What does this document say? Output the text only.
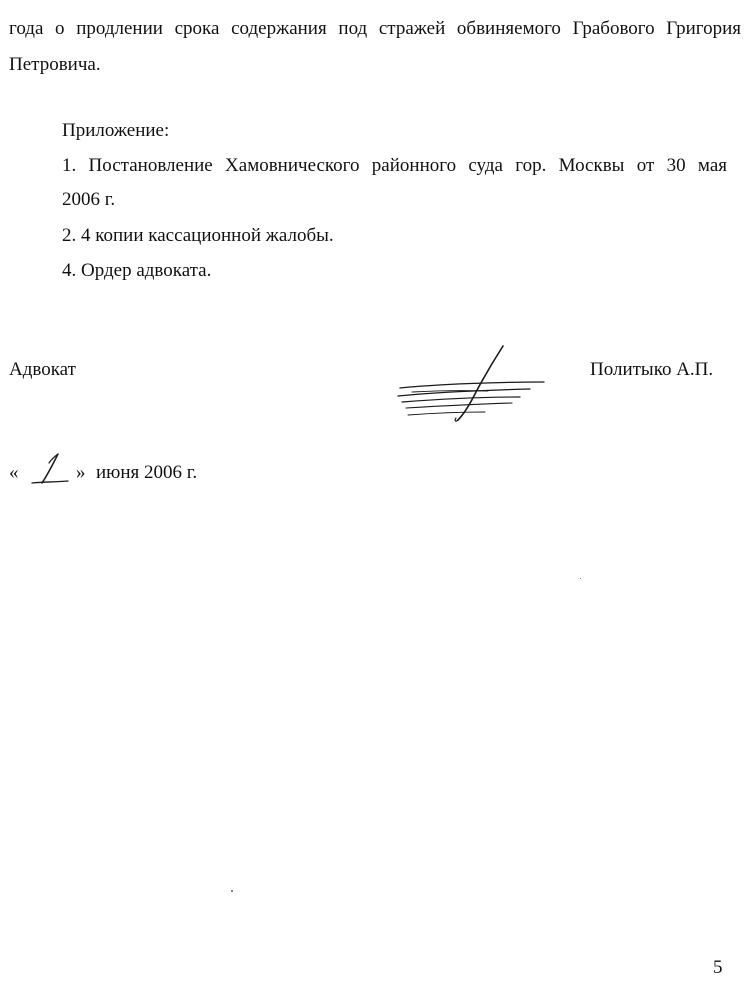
года о продлении срока содержания под стражей обвиняемого Грабового Григория
Петровича.
Приложение:
1. Постановление Хамовнического районного суда гор. Москвы от 30 мая
2006 г.
2. 4 копии кассационной жалобы.
4. Ордер адвоката.
Адвокат	Политыко А.П.
«	» июня 2006 г.
5
